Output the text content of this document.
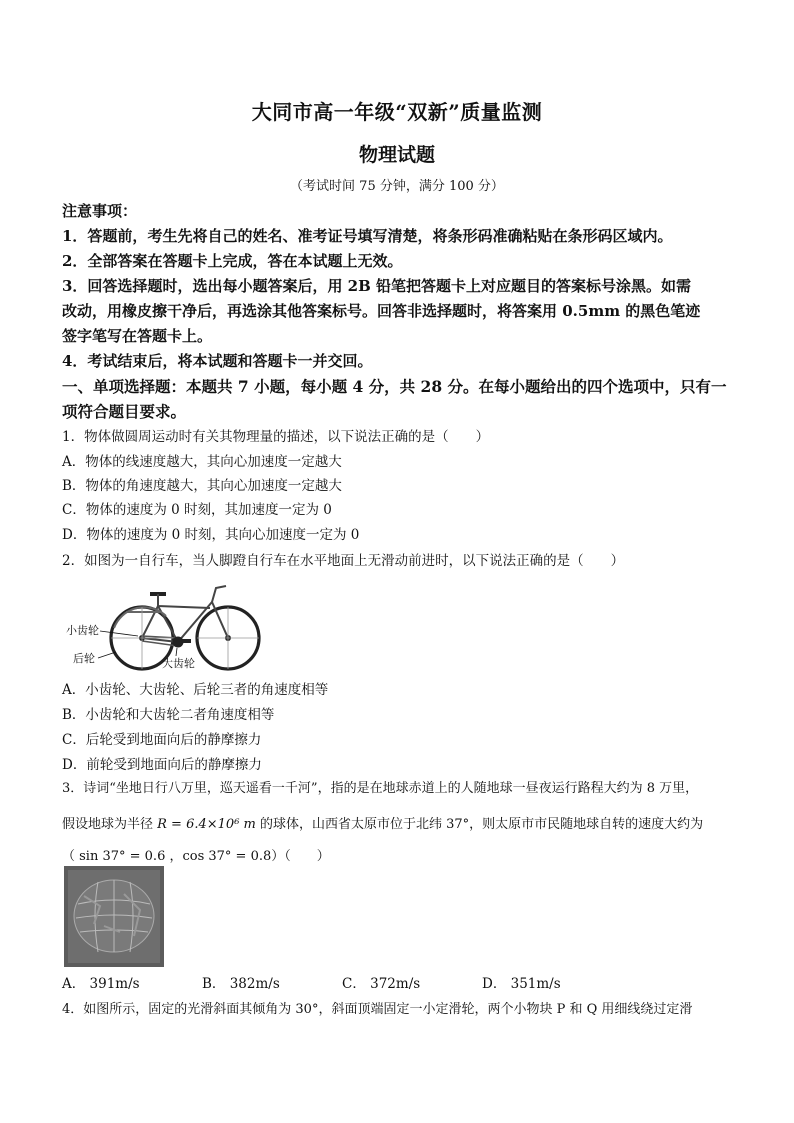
大同市高一年级“双新”质量监测
物理试题
（考试时间 75 分钟，满分 100 分）
注意事项：
1．答题前，考生先将自己的姓名、准考证号填写清楚，将条形码准确粘贴在条形码区域内。
2．全部答案在答题卡上完成，答在本试题上无效。
3．回答选择题时，选出每小题答案后，用 2B 铅笔把答题卡上对应题目的答案标号涂黑。如需
改动，用橡皮擦干净后，再选涂其他答案标号。回答非选择题时，将答案用 0.5mm 的黑色笔迹
签字笔写在答题卡上。
4．考试结束后，将本试题和答题卡一并交回。
一、单项选择题：本题共 7 小题，每小题 4 分，共 28 分。在每小题给出的四个选项中，只有一
项符合题目要求。
1．物体做圆周运动时有关其物理量的描述，以下说法正确的是（　　）
A．物体的线速度越大，其向心加速度一定越大
B．物体的角速度越大，其向心加速度一定越大
C．物体的速度为 0 时刻，其加速度一定为 0
D．物体的速度为 0 时刻，其向心加速度一定为 0
2．如图为一自行车，当人脚蹬自行车在水平地面上无滑动前进时，以下说法正确的是（　　）
小齿轮
后轮	大齿轮
A．小齿轮、大齿轮、后轮三者的角速度相等
B．小齿轮和大齿轮二者角速度相等
C．后轮受到地面向后的静摩擦力
D．前轮受到地面向后的静摩擦力
3．诗词“坐地日行八万里，巡天遥看一千河”，指的是在地球赤道上的人随地球一昼夜运行路程大约为 8 万里，
假设地球为半径 R = 6.4×10⁶ m 的球体，山西省太原市位于北纬 37°，则太原市市民随地球自转的速度大约为
（ sin 37° = 0.6 ，cos 37° = 0.8）（　　）
A． 391m/s	B． 382m/s	C． 372m/s	D． 351m/s
4．如图所示，固定的光滑斜面其倾角为 30°，斜面顶端固定一小定滑轮，两个小物块 P 和 Q 用细线绕过定滑
